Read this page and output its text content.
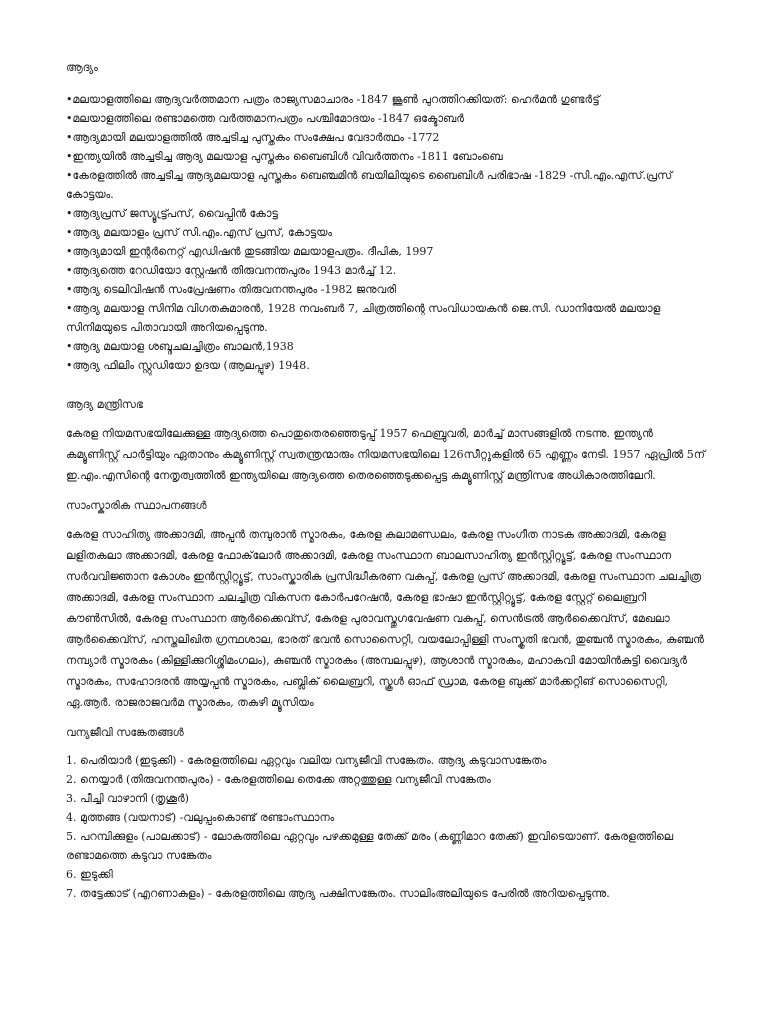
ആദ്യം
•മലയാളത്തിലെ ആദ്യവര്‍ത്തമാന പത്രം രാജ്യസമാചാരം -1847 ജൂണ്‍ പുറത്തിറക്കിയത്: ഹെര്‍മന്‍ ഗുണ്ടര്‍ട്ട്
•മലയാളത്തിലെ രണ്ടാമത്തെ വര്‍ത്തമാനപത്രം പശ്ചിമോദയം -1847 ഒക്ടോബര്‍
•ആദ്യമായി മലയാളത്തില്‍ അച്ചടിച്ച പുസ്തകം സംക്ഷേപ വേദാര്‍ത്ഥം -1772
•ഇന്ത്യയില്‍ അച്ചടിച്ച ആദ്യ മലയാള പുസ്തകം ബൈബിള്‍ വിവര്‍ത്തനം -1811 ബോംബെ
•കേരളത്തില്‍ അച്ചടിച്ച ആദ്യമലയാള പുസ്തകം ബെഞ്ചമിന്‍ ബയിലിയുടെ ബൈബിള്‍ പരിഭാഷ -1829 -സി.എം.എസ്.പ്രസ് കോട്ടയം.
•ആദ്യപ്രസ് ജസ്യൂട്ട്പ്രസ്, വൈപ്പിന്‍ കോട്ട
•ആദ്യ മലയാളം പ്രസ് സി.എം.എസ് പ്രസ്, കോട്ടയം
•ആദ്യമായി ഇന്റര്‍നെറ്റ് എഡിഷന്‍ തുടങ്ങിയ മലയാളപത്രം. ദീപിക, 1997
•ആദ്യത്തെ റേഡിയോ സ്റ്റേഷന്‍ തിരുവനന്തപുരം 1943 മാര്‍ച്ച് 12.
•ആദ്യ ടെലിവിഷന്‍ സംപ്രേഷണം തിരുവനന്തപുരം -1982 ജനുവരി
•ആദ്യ മലയാള സിനിമ വിഗതകുമാരന്‍, 1928 നവംബര്‍ 7, ചിത്രത്തിന്റെ സംവിധായകന്‍ ജെ.സി. ഡാനിയേല്‍ മലയാള സിനിമയുടെ പിതാവായി അറിയപ്പെടുന്നു.
•ആദ്യ മലയാള ശബ്ദചലച്ചിത്രം ബാലന്‍,1938
•ആദ്യ ഫിലിം സ്റ്റുഡിയോ ഉദയ (ആലപ്പുഴ) 1948.
ആദ്യ മന്ത്രിസഭ

കേരള നിയമസഭയിലേക്കുള്ള ആദ്യത്തെ പൊതുതെരഞ്ഞെടുപ്പ് 1957 ഫെബ്രുവരി, മാര്‍ച്ച് മാസങ്ങളില്‍ നടന്നു. ഇന്ത്യന്‍ കമ്യൂണിസ്റ്റ് പാര്‍ട്ടിയും ഏതാനും കമ്യൂണിസ്റ്റ് സ്വതന്ത്രന്മാരും നിയമസഭയിലെ 126സീറ്റുകളില്‍ 65 എണ്ണം നേടി. 1957 ഏപ്രില്‍ 5ന് ഇ.എം.എസിന്റെ നേതൃത്വത്തില്‍ ഇന്ത്യയിലെ ആദ്യത്തെ തെരഞ്ഞെടുക്കപ്പെട്ട കമ്യൂണിസ്റ്റ് മന്ത്രിസഭ അധികാരത്തിലേറി.

സാംസ്കാരിക സ്ഥാപനങ്ങള്‍

കേരള സാഹിത്യ അക്കാദമി, അപ്പന്‍ തമ്പുരാന്‍ സ്മാരകം, കേരള കലാമണ്ഡലം, കേരള സംഗീത നാടക അക്കാദമി, കേരള ലളിതകലാ അക്കാദമി, കേരള ഫോക്‌ലോര്‍ അക്കാദമി, കേരള സംസ്ഥാന ബാലസാഹിത്യ ഇന്‍സ്റ്റിറ്റ്യൂട്ട്, കേരള സംസ്ഥാന സര്‍വവിജ്ഞാന കോശം ഇന്‍സ്റ്റിറ്റ്യൂട്ട്, സാംസ്കാരിക പ്രസിദ്ധീകരണ വകുപ്പ്, കേരള പ്രസ് അക്കാദമി, കേരള സംസ്ഥാന ചലച്ചിത്ര അക്കാദമി, കേരള സംസ്ഥാന ചലച്ചിത്ര വികസന കോര്‍പറേഷന്‍, കേരള ഭാഷാ ഇന്‍സ്റ്റിറ്റ്യൂട്ട്, കേരള സ്റ്റേറ്റ് ലൈബ്രറി കൗണ്‍സില്‍, കേരള സംസ്ഥാന ആര്‍ക്കൈവ്സ്, കേരള പുരാവസ്തുഗവേഷണ വകുപ്പ്, സെന്‍ട്രല്‍ ആര്‍ക്കൈവ്സ്, മേഖലാ ആര്‍ക്കൈവ്സ്, ഹസ്തലിഖിത ഗ്രന്ഥശാല, ഭാരത് ഭവന്‍ സൊസൈറ്റി, വയലോപ്പിള്ളി സംസ്കൃതി ഭവന്‍, തുഞ്ചന്‍ സ്മാരകം, കുഞ്ചന്‍ നമ്പ്യാര്‍ സ്മാരകം (കിള്ളിക്കുറിശ്ശിമംഗലം), കുഞ്ചന്‍ സ്മാരകം (അമ്പലപ്പുഴ), ആശാന്‍ സ്മാരകം, മഹാകവി മോയിന്‍കുട്ടി വൈദ്യര്‍ സ്മാരകം, സഹോദരന്‍ അയ്യപ്പന്‍ സ്മാരകം, പബ്ലിക് ലൈബ്രറി, സ്കൂള്‍ ഓഫ് ഡ്രാമ, കേരള ബുക്ക് മാര്‍ക്കറ്റിങ് സൊസൈറ്റി, ഏ.ആര്‍. രാജരാജവര്‍മ സ്മാരകം, തകഴി മ്യൂസിയം

വന്യജീവി സങ്കേതങ്ങള്‍
1. പെരിയാര്‍ (ഇടുക്കി) - കേരളത്തിലെ ഏറ്റവും വലിയ വന്യജീവി സങ്കേതം. ആദ്യ കടുവാസങ്കേതം
2. നെയ്യാര്‍ (തിരുവനന്തപുരം) - കേരളത്തിലെ തെക്കേ അറ്റത്തുള്ള വന്യജീവി സങ്കേതം
3. പീച്ചി വാഴാനി (തൃശൂര്‍)
4. മുത്തങ്ങ (വയനാട്) -വലുപ്പംകൊണ്ട് രണ്ടാംസ്ഥാനം
5. പറമ്പിക്കുളം (പാലക്കാട്) - ലോകത്തിലെ ഏറ്റവും പഴക്കമുള്ള തേക്ക് മരം (കണ്ണിമാറ തേക്ക്) ഇവിടെയാണ്. കേരളത്തിലെ രണ്ടാമത്തെ കടുവാ സങ്കേതം
6. ഇടുക്കി
7. തട്ടേക്കാട് (എറണാകുളം) - കേരളത്തിലെ ആദ്യ പക്ഷിസങ്കേതം. സാലിംഅലിയുടെ പേരില്‍ അറിയപ്പെടുന്നു.
